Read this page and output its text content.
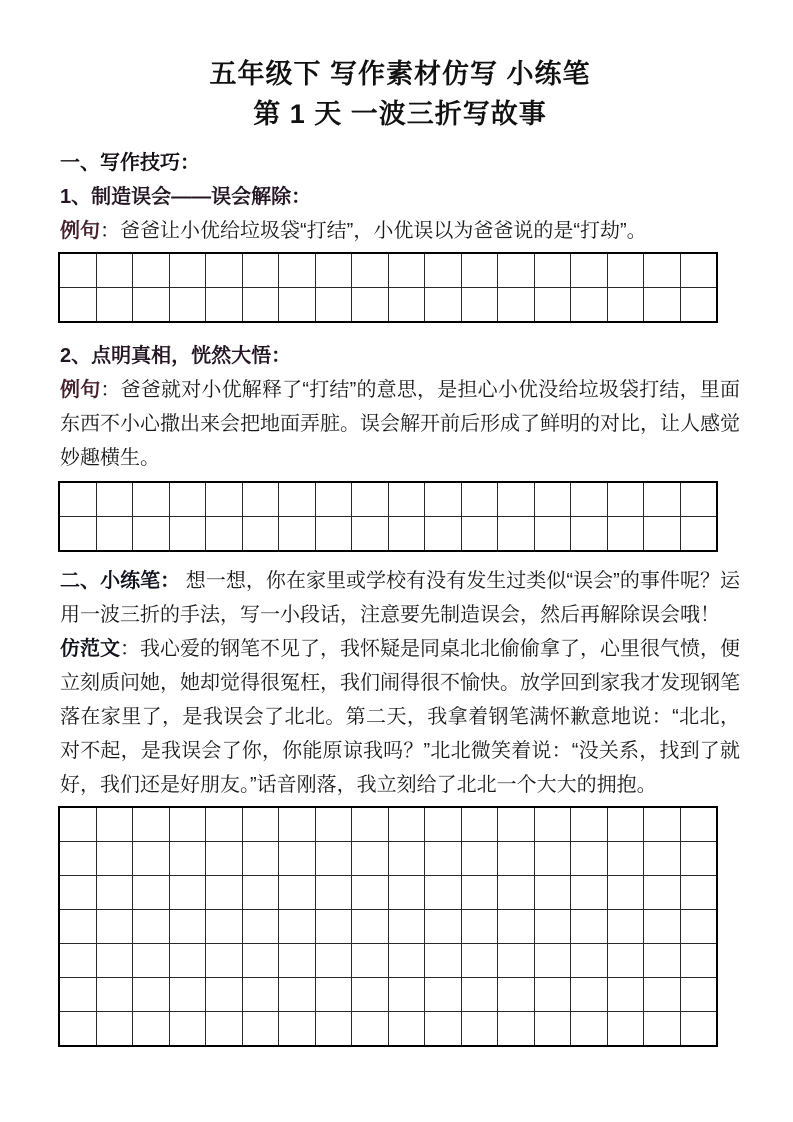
五年级下 写作素材仿写 小练笔
第 1 天 一波三折写故事
一、写作技巧：
1、制造误会——误会解除：

例句：爸爸让小优给垃圾袋“打结”，小优误以为爸爸说的是“打劫”。

2、点明真相，恍然大悟：

例句：爸爸就对小优解释了“打结”的意思，是担心小优没给垃圾袋打结，里面东西不小心撒出来会把地面弄脏。误会解开前后形成了鲜明的对比，让人感觉妙趣横生。

二、小练笔： 想一想，你在家里或学校有没有发生过类似“误会”的事件呢？运用一波三折的手法，写一小段话，注意要先制造误会，然后再解除误会哦！

仿范文：我心爱的钢笔不见了，我怀疑是同桌北北偷偷拿了，心里很气愤，便立刻质问她，她却觉得很冤枉，我们闹得很不愉快。放学回到家我才发现钢笔落在家里了，是我误会了北北。第二天，我拿着钢笔满怀歉意地说：“北北，对不起，是我误会了你，你能原谅我吗？”北北微笑着说：“没关系，找到了就好，我们还是好朋友。”话音刚落，我立刻给了北北一个大大的拥抱。
